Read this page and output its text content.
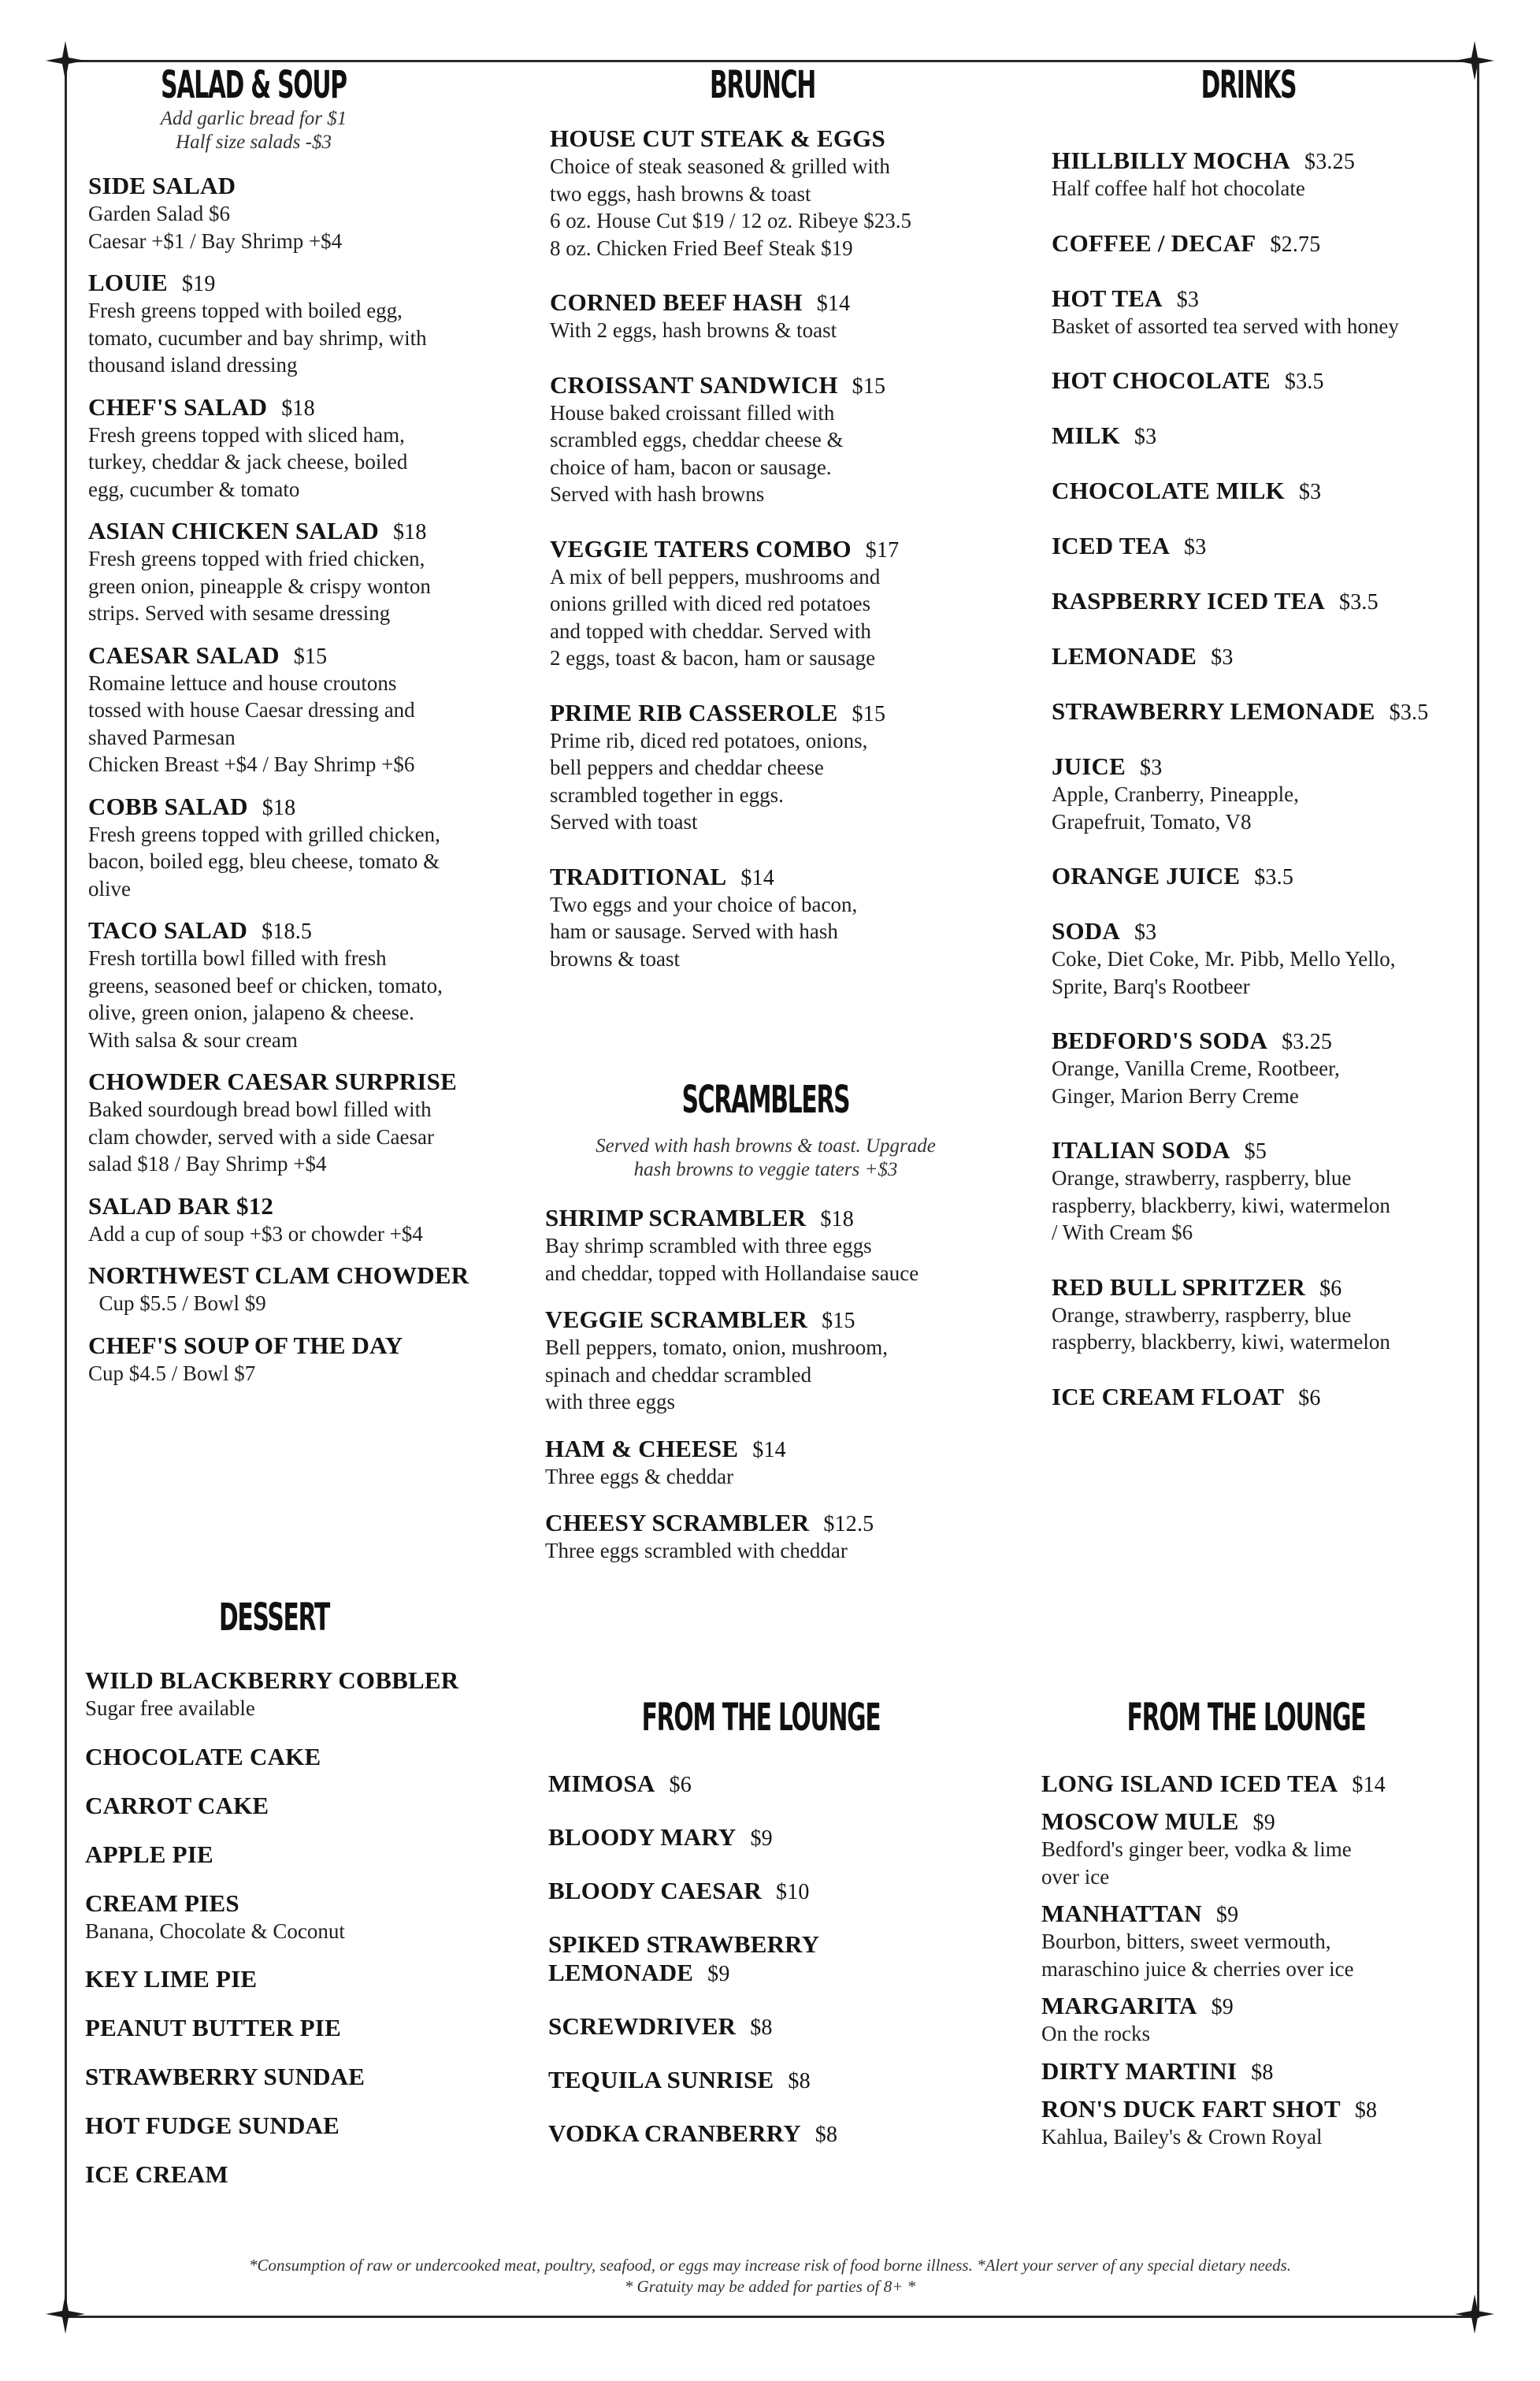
SALAD & SOUP
Add garlic bread for $1
Half size salads -$3
SIDE SALAD
Garden Salad $6
Caesar +$1 / Bay Shrimp +$4
LOUIE $19
Fresh greens topped with boiled egg,
tomato, cucumber and bay shrimp, with
thousand island dressing
CHEF'S SALAD $18
Fresh greens topped with sliced ham,
turkey, cheddar & jack cheese, boiled
egg, cucumber & tomato
ASIAN CHICKEN SALAD $18
Fresh greens topped with fried chicken,
green onion, pineapple & crispy wonton
strips. Served with sesame dressing
CAESAR SALAD $15
Romaine lettuce and house croutons
tossed with house Caesar dressing and
shaved Parmesan
Chicken Breast +$4 / Bay Shrimp +$6
COBB SALAD $18
Fresh greens topped with grilled chicken,
bacon, boiled egg, bleu cheese, tomato &
olive
TACO SALAD $18.5
Fresh tortilla bowl filled with fresh
greens, seasoned beef or chicken, tomato,
olive, green onion, jalapeno & cheese.
With salsa & sour cream
CHOWDER CAESAR SURPRISE
Baked sourdough bread bowl filled with
clam chowder, served with a side Caesar
salad $18 / Bay Shrimp +$4
SALAD BAR $12
Add a cup of soup +$3 or chowder +$4
NORTHWEST CLAM CHOWDER
Cup $5.5 / Bowl $9
CHEF'S SOUP OF THE DAY
Cup $4.5 / Bowl $7
BRUNCH
HOUSE CUT STEAK & EGGS
Choice of steak seasoned & grilled with
two eggs, hash browns & toast
6 oz. House Cut $19 / 12 oz. Ribeye $23.5
8 oz. Chicken Fried Beef Steak $19
CORNED BEEF HASH $14
With 2 eggs, hash browns & toast
CROISSANT SANDWICH $15
House baked croissant filled with
scrambled eggs, cheddar cheese &
choice of ham, bacon or sausage.
Served with hash browns
VEGGIE TATERS COMBO $17
A mix of bell peppers, mushrooms and
onions grilled with diced red potatoes
and topped with cheddar. Served with
2 eggs, toast & bacon, ham or sausage
PRIME RIB CASSEROLE $15
Prime rib, diced red potatoes, onions,
bell peppers and cheddar cheese
scrambled together in eggs.
Served with toast
TRADITIONAL $14
Two eggs and your choice of bacon,
ham or sausage. Served with hash
browns & toast
SCRAMBLERS
Served with hash browns & toast. Upgrade
hash browns to veggie taters +$3
SHRIMP SCRAMBLER $18
Bay shrimp scrambled with three eggs
and cheddar, topped with Hollandaise sauce
VEGGIE SCRAMBLER $15
Bell peppers, tomato, onion, mushroom,
spinach and cheddar scrambled
with three eggs
HAM & CHEESE $14
Three eggs & cheddar
CHEESY SCRAMBLER $12.5
Three eggs scrambled with cheddar
DRINKS
HILLBILLY MOCHA $3.25
Half coffee half hot chocolate
COFFEE / DECAF $2.75
HOT TEA $3
Basket of assorted tea served with honey
HOT CHOCOLATE $3.5
MILK $3
CHOCOLATE MILK $3
ICED TEA $3
RASPBERRY ICED TEA $3.5
LEMONADE $3
STRAWBERRY LEMONADE $3.5
JUICE $3
Apple, Cranberry, Pineapple,
Grapefruit, Tomato, V8
ORANGE JUICE $3.5
SODA $3
Coke, Diet Coke, Mr. Pibb, Mello Yello,
Sprite, Barq's Rootbeer
BEDFORD'S SODA $3.25
Orange, Vanilla Creme, Rootbeer,
Ginger, Marion Berry Creme
ITALIAN SODA $5
Orange, strawberry, raspberry, blue
raspberry, blackberry, kiwi, watermelon
/ With Cream $6
RED BULL SPRITZER $6
Orange, strawberry, raspberry, blue
raspberry, blackberry, kiwi, watermelon
ICE CREAM FLOAT $6
DESSERT
WILD BLACKBERRY COBBLER
Sugar free available
CHOCOLATE CAKE
CARROT CAKE
APPLE PIE
CREAM PIES
Banana, Chocolate & Coconut
KEY LIME PIE
PEANUT BUTTER PIE
STRAWBERRY SUNDAE
HOT FUDGE SUNDAE
ICE CREAM
FROM THE LOUNGE
MIMOSA $6
BLOODY MARY $9
BLOODY CAESAR $10
SPIKED STRAWBERRY
LEMONADE $9
SCREWDRIVER $8
TEQUILA SUNRISE $8
VODKA CRANBERRY $8
FROM THE LOUNGE
LONG ISLAND ICED TEA $14
MOSCOW MULE $9
Bedford's ginger beer, vodka & lime
over ice
MANHATTAN $9
Bourbon, bitters, sweet vermouth,
maraschino juice & cherries over ice
MARGARITA $9
On the rocks
DIRTY MARTINI $8
RON'S DUCK FART SHOT $8
Kahlua, Bailey's & Crown Royal
*Consumption of raw or undercooked meat, poultry, seafood, or eggs may increase risk of food borne illness. *Alert your server of any special dietary needs.
* Gratuity may be added for parties of 8+ *
